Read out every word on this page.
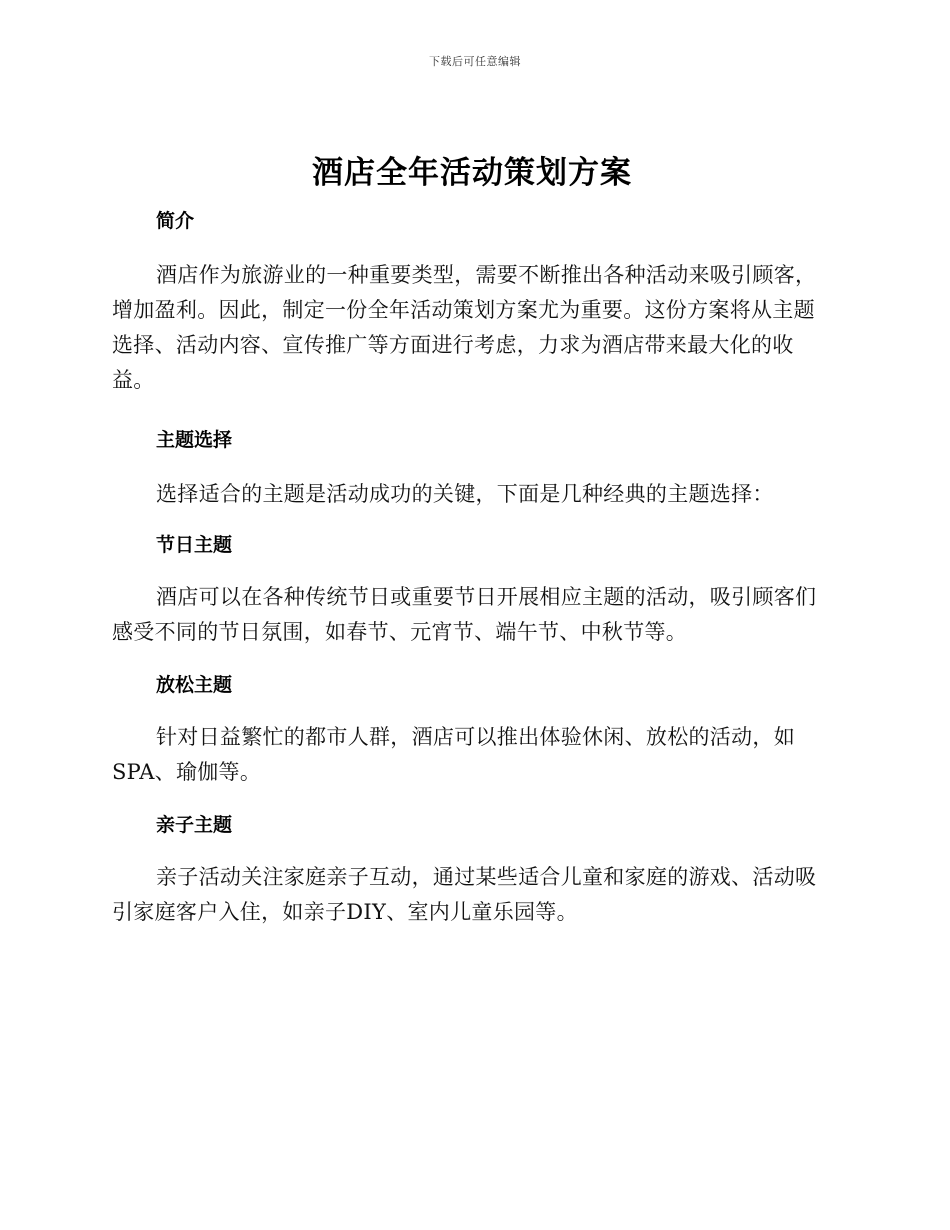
下载后可任意编辑
酒店全年活动策划方案
简介

酒店作为旅游业的一种重要类型，需要不断推出各种活动来吸引顾客，增加盈利。因此，制定一份全年活动策划方案尤为重要。这份方案将从主题选择、活动内容、宣传推广等方面进行考虑，力求为酒店带来最大化的收益。

主题选择

选择适合的主题是活动成功的关键，下面是几种经典的主题选择：

节日主题

酒店可以在各种传统节日或重要节日开展相应主题的活动，吸引顾客们感受不同的节日氛围，如春节、元宵节、端午节、中秋节等。

放松主题

针对日益繁忙的都市人群，酒店可以推出体验休闲、放松的活动，如SPA、瑜伽等。

亲子主题

亲子活动关注家庭亲子互动，通过某些适合儿童和家庭的游戏、活动吸引家庭客户入住，如亲子DIY、室内儿童乐园等。
